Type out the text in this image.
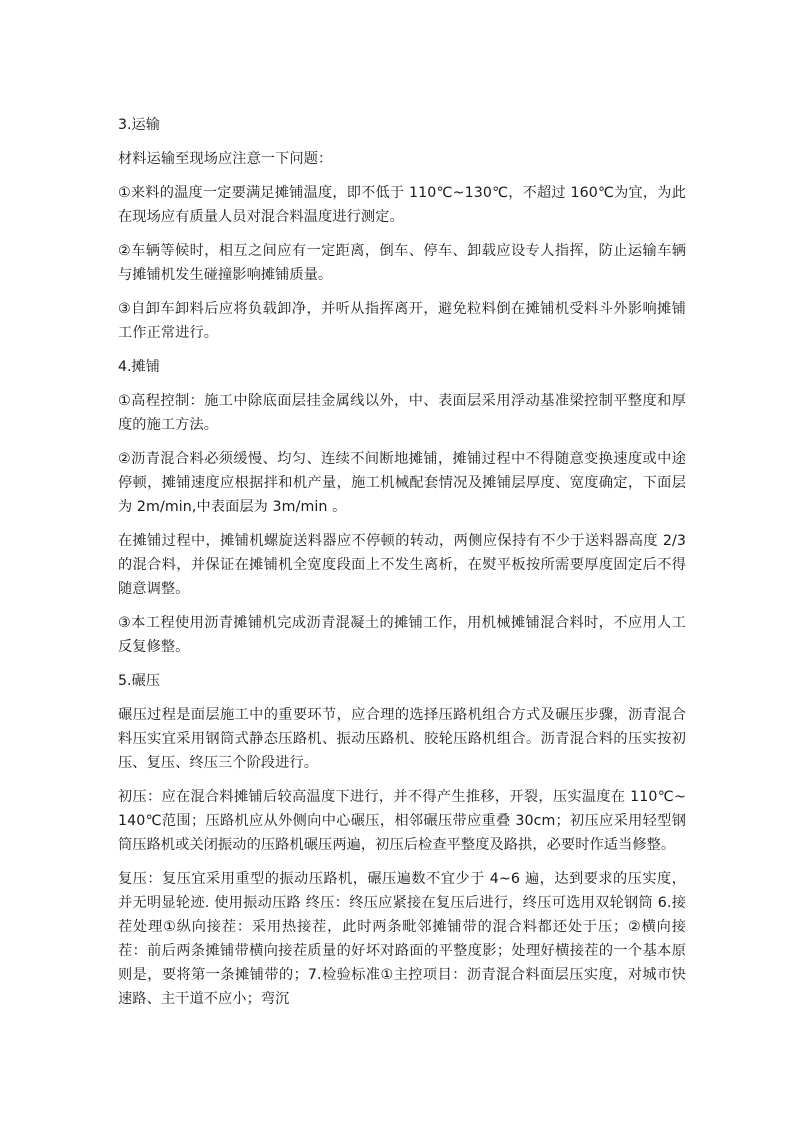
3.运输
材料运输至现场应注意一下问题：
①来料的温度一定要满足摊铺温度，即不低于 110℃~130℃，不超过 160℃为宜，为此在现场应有质量人员对混合料温度进行测定。
②车辆等候时，相互之间应有一定距离，倒车、停车、卸载应设专人指挥，防止运输车辆与摊铺机发生碰撞影响摊铺质量。
③自卸车卸料后应将负载卸净，并听从指挥离开，避免粒料倒在摊铺机受料斗外影响摊铺工作正常进行。
4.摊铺
①高程控制：施工中除底面层挂金属线以外，中、表面层采用浮动基准梁控制平整度和厚度的施工方法。
②沥青混合料必须缓慢、均匀、连续不间断地摊铺，摊铺过程中不得随意变换速度或中途停顿，摊铺速度应根据拌和机产量，施工机械配套情况及摊铺层厚度、宽度确定，下面层为 2m/min,中表面层为 3m/min 。
在摊铺过程中，摊铺机螺旋送料器应不停顿的转动，两侧应保持有不少于送料器高度 2/3 的混合料，并保证在摊铺机全宽度段面上不发生离析，在熨平板按所需要厚度固定后不得随意调整。
③本工程使用沥青摊铺机完成沥青混凝土的摊铺工作，用机械摊铺混合料时，不应用人工反复修整。
5.碾压
碾压过程是面层施工中的重要环节，应合理的选择压路机组合方式及碾压步骤，沥青混合料压实宜采用钢筒式静态压路机、振动压路机、胶轮压路机组合。沥青混合料的压实按初压、复压、终压三个阶段进行。
初压：应在混合料摊铺后较高温度下进行，并不得产生推移，开裂，压实温度在 110℃~140℃范围；压路机应从外侧向中心碾压，相邻碾压带应重叠 30cm；初压应采用轻型钢筒压路机或关闭振动的压路机碾压两遍，初压后检查平整度及路拱，必要时作适当修整。
复压：复压宜采用重型的振动压路机，碾压遍数不宜少于 4~6 遍，达到要求的压实度，并无明显轮迹. 使用振动压路 终压：终压应紧接在复压后进行，终压可选用双轮钢筒 6.接茬处理①纵向接茬：采用热接茬，此时两条毗邻摊铺带的混合料都还处于压；②横向接茬：前后两条摊铺带横向接茬质量的好坏对路面的平整度影；处理好横接茬的一个基本原则是，要将第一条摊铺带的；7.检验标准①主控项目：沥青混合料面层压实度，对城市快速路、主干道不应小；弯沉
